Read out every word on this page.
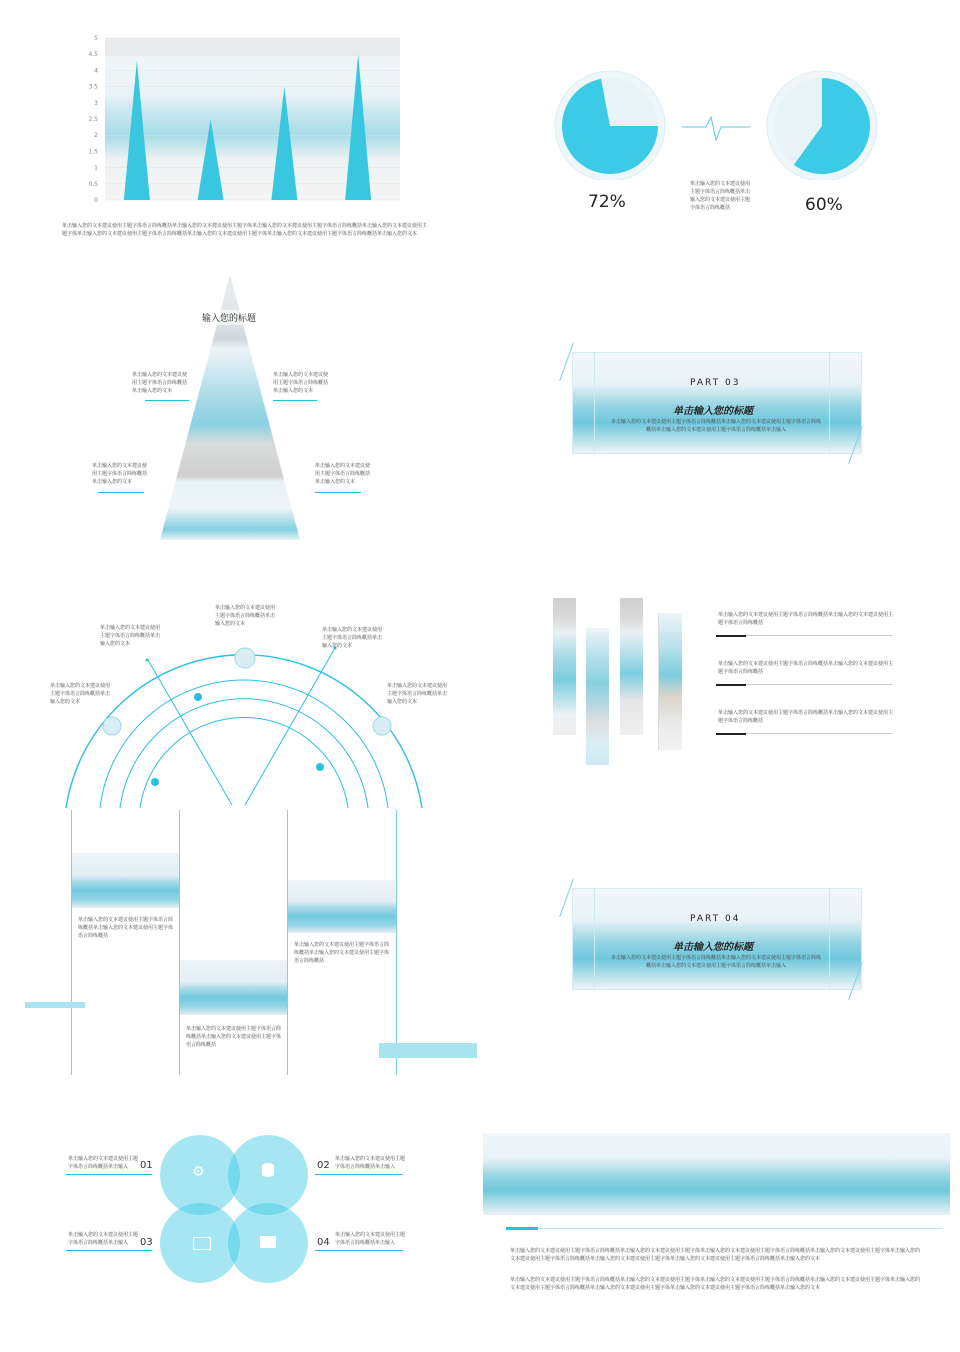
0
0.5
1
1.5
2
2.5
3
3.5
4
4.5
5
单击输入您的文本建议使用主题字体语言简练概括单击输入您的文本建议使用主题字体单击输入您的文本建议使用主题字体语言简练概括单击输入您的文本建议使用主题字体单击输入您的文本建议使用主题字体语言简练概括单击输入您的文本建议使用主题字体单击输入您的文本建议使用主题字体语言简练概括单击输入您的文本
72%	60%
单击输入您的文本建议使用主题字体语言简练概括单击输入您的文本建议使用主题字体语言简练概括
输入您的标题
单击输入您的文本建议使用主题字体语言简练概括单击输入您的文本
单击输入您的文本建议使用主题字体语言简练概括单击输入您的文本
单击输入您的文本建议使用主题字体语言简练概括单击输入您的文本
单击输入您的文本建议使用主题字体语言简练概括单击输入您的文本
PART 03
单击输入您的标题
单击输入您的文本建议使用主题字体语言简练概括单击输入您的文本建议使用主题字体语言简练概括单击输入您的文本建议使用主题字体语言简练概括单击输入
单击输入您的文本建议使用主题字体语言简练概括单击输入您的文本
单击输入您的文本建议使用主题字体语言简练概括单击输入您的文本
单击输入您的文本建议使用主题字体语言简练概括单击输入您的文本
单击输入您的文本建议使用主题字体语言简练概括单击输入您的文本
单击输入您的文本建议使用主题字体语言简练概括单击输入您的文本
单击输入您的文本建议使用主题字体语言简练概括单击输入您的文本建议使用主题字体语言简练概括
单击输入您的文本建议使用主题字体语言简练概括单击输入您的文本建议使用主题字体语言简练概括
单击输入您的文本建议使用主题字体语言简练概括单击输入您的文本建议使用主题字体语言简练概括
单击输入您的文本建议使用主题字体语言简练概括单击输入您的文本建议使用主题字体语言简练概括
单击输入您的文本建议使用主题字体语言简练概括单击输入您的文本建议使用主题字体语言简练概括
单击输入您的文本建议使用主题字体语言简练概括单击输入您的文本建议使用主题字体语言简练概括
PART 04
单击输入您的标题
单击输入您的文本建议使用主题字体语言简练概括单击输入您的文本建议使用主题字体语言简练概括单击输入您的文本建议使用主题字体语言简练概括单击输入
⚙
单击输入您的文本建议使用主题字体语言简练概括单击输入	01	02
单击输入您的文本建议使用主题字体语言简练概括单击输入
单击输入您的文本建议使用主题字体语言简练概括单击输入	03	04
单击输入您的文本建议使用主题字体语言简练概括单击输入
单击输入您的文本建议使用主题字体语言简练概括单击输入您的文本建议使用主题字体单击输入您的文本建议使用主题字体语言简练概括单击输入您的文本建议使用主题字体单击输入您的文本建议使用主题字体语言简练概括单击输入您的文本建议使用主题字体单击输入您的文本建议使用主题字体语言简练概括单击输入您的文本
单击输入您的文本建议使用主题字体语言简练概括单击输入您的文本建议使用主题字体单击输入您的文本建议使用主题字体语言简练概括单击输入您的文本建议使用主题字体单击输入您的文本建议使用主题字体语言简练概括单击输入您的文本建议使用主题字体单击输入您的文本建议使用主题字体语言简练概括单击输入您的文本
